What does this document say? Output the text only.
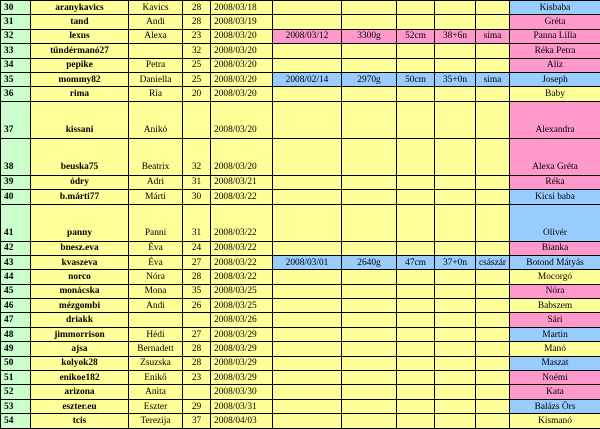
30	aranykavics	Kavics	28	2008/03/18						Kisbaba
31	tand	Andi	28	2008/03/19						Gréta
32	lexus	Alexa	23	2008/03/20	2008/03/12	3300g	52cm	38+6n	sima	Panna Lilla
33	tündérmanó27		32	2008/03/20						Réka Petra
34	pepike	Petra	25	2008/03/20						Alíz
35	mommy82	Daniella	25	2008/03/20	2008/02/14	2970g	50cm	35+0n	sima	Joseph
36	rima	Ria	20	2008/03/20						Baby
37	kissani	Anikó		2008/03/20						Alexandra
38	beuska75	Beatrix	32	2008/03/20						Alexa Gréta
39	ódry	Adri	31	2008/03/21						Réka
40	b.márti77	Márti	30	2008/03/22						Kicsi baba
41	panny	Panni	31	2008/03/22						Olivér
42	bnesz.eva	Éva	24	2008/03/22						Bianka
43	kvaszeva	Éva	27	2008/03/22	2008/03/01	2640g	47cm	37+0n	császár	Botond Mátyás
44	norco	Nóra	28	2008/03/22						Mocorgó
45	monácska	Mona	35	2008/03/25						Nóra
46	mézgombi	Andi	26	2008/03/25						Babszem
47	driakk			2008/03/26						Sári
48	jimmorrison	Hédi	27	2008/03/29						Martin
49	ajsa	Bernadett	28	2008/03/29						Manó
50	kolyok28	Zsuzska	28	2008/03/29						Maszat
51	enikoe182	Enikő	23	2008/03/29						Noémi
52	arizona	Anita		2008/03/30						Kata
53	eszter.eu	Eszter	29	2008/03/31						Balázs Örs
54	tcis	Terezija	37	2008/04/03						Kismanó
